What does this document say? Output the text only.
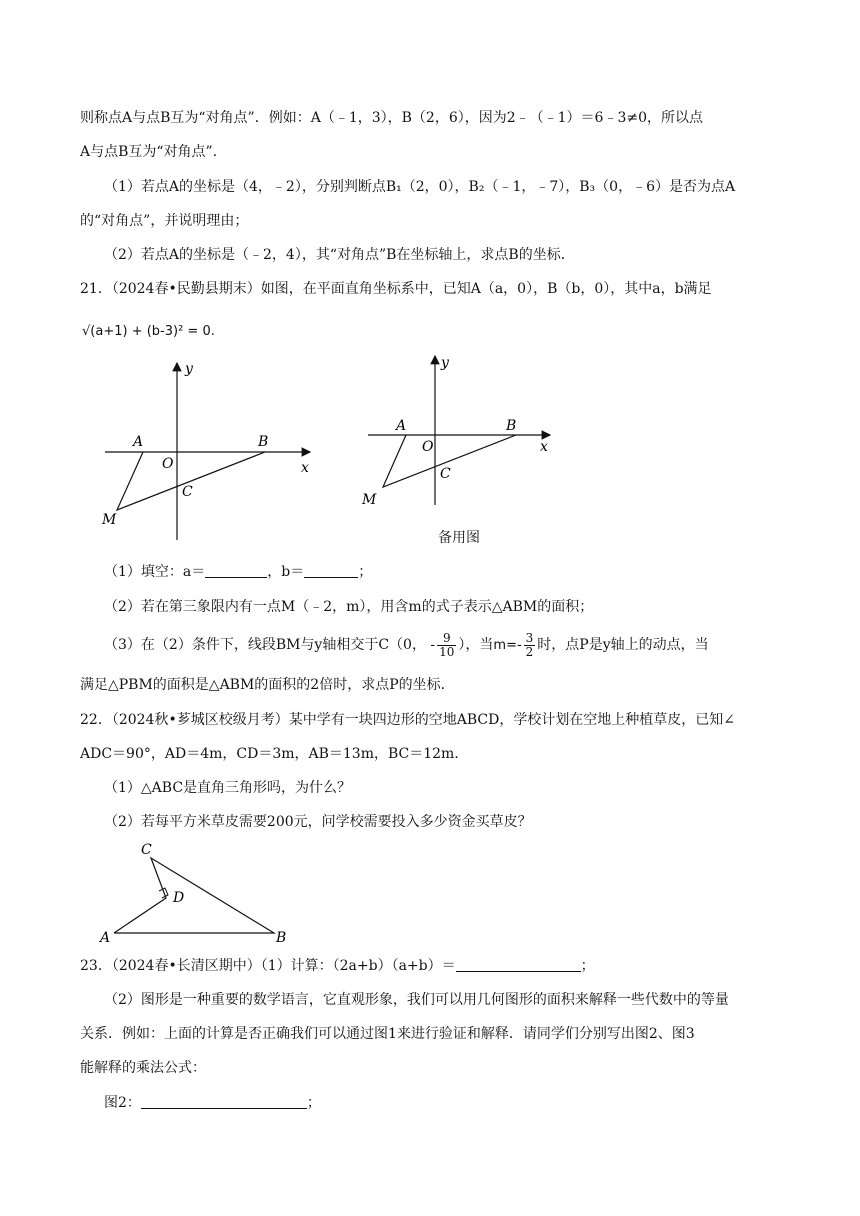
则称点A与点B互为“对角点”．例如：A（﹣1，3），B（2，6），因为2﹣（﹣1）＝6﹣3≠0，所以点
A与点B互为“对角点”．
（1）若点A的坐标是（4，﹣2），分别判断点B₁（2，0），B₂（﹣1，﹣7），B₃（0，﹣6）是否为点A
的“对角点”，并说明理由；
（2）若点A的坐标是（﹣2，4），其“对角点”B在坐标轴上，求点B的坐标．
21．（2024春•民勤县期末）如图，在平面直角坐标系中，已知A（a，0），B（b，0），其中a，b满足
√(a+1) + (b-3)² = 0.
x
y
A	B
O
C
M
x
y
A	B
O
C
M
备用图
（1）填空：a＝	，b＝	；
（2）若在第三象限内有一点M（﹣2，m），用含m的式子表示△ABM的面积；
（3）在（2）条件下，线段BM与y轴相交于C（0， - $\frac{9}{10}$ ），当$m=- \frac{3}{2}$ 时，点P是y轴上的动点，当
满足△PBM的面积是△ABM的面积的2倍时，求点P的坐标．
22．（2024秋•芗城区校级月考）某中学有一块四边形的空地ABCD，学校计划在空地上种植草皮，已知∠
ADC＝90°，AD＝4m，CD＝3m，AB＝13m，BC＝12m．
（1）△ABC是直角三角形吗，为什么？
（2）若每平方米草皮需要200元，问学校需要投入多少资金买草皮？
C
D
A	B
23．（2024春•长清区期中）（1）计算：（2a+b）（a+b）＝	；
（2）图形是一种重要的数学语言，它直观形象，我们可以用几何图形的面积来解释一些代数中的等量
关系．例如：上面的计算是否正确我们可以通过图1来进行验证和解释．请同学们分别写出图2、图3
能解释的乘法公式：
图2：	；
